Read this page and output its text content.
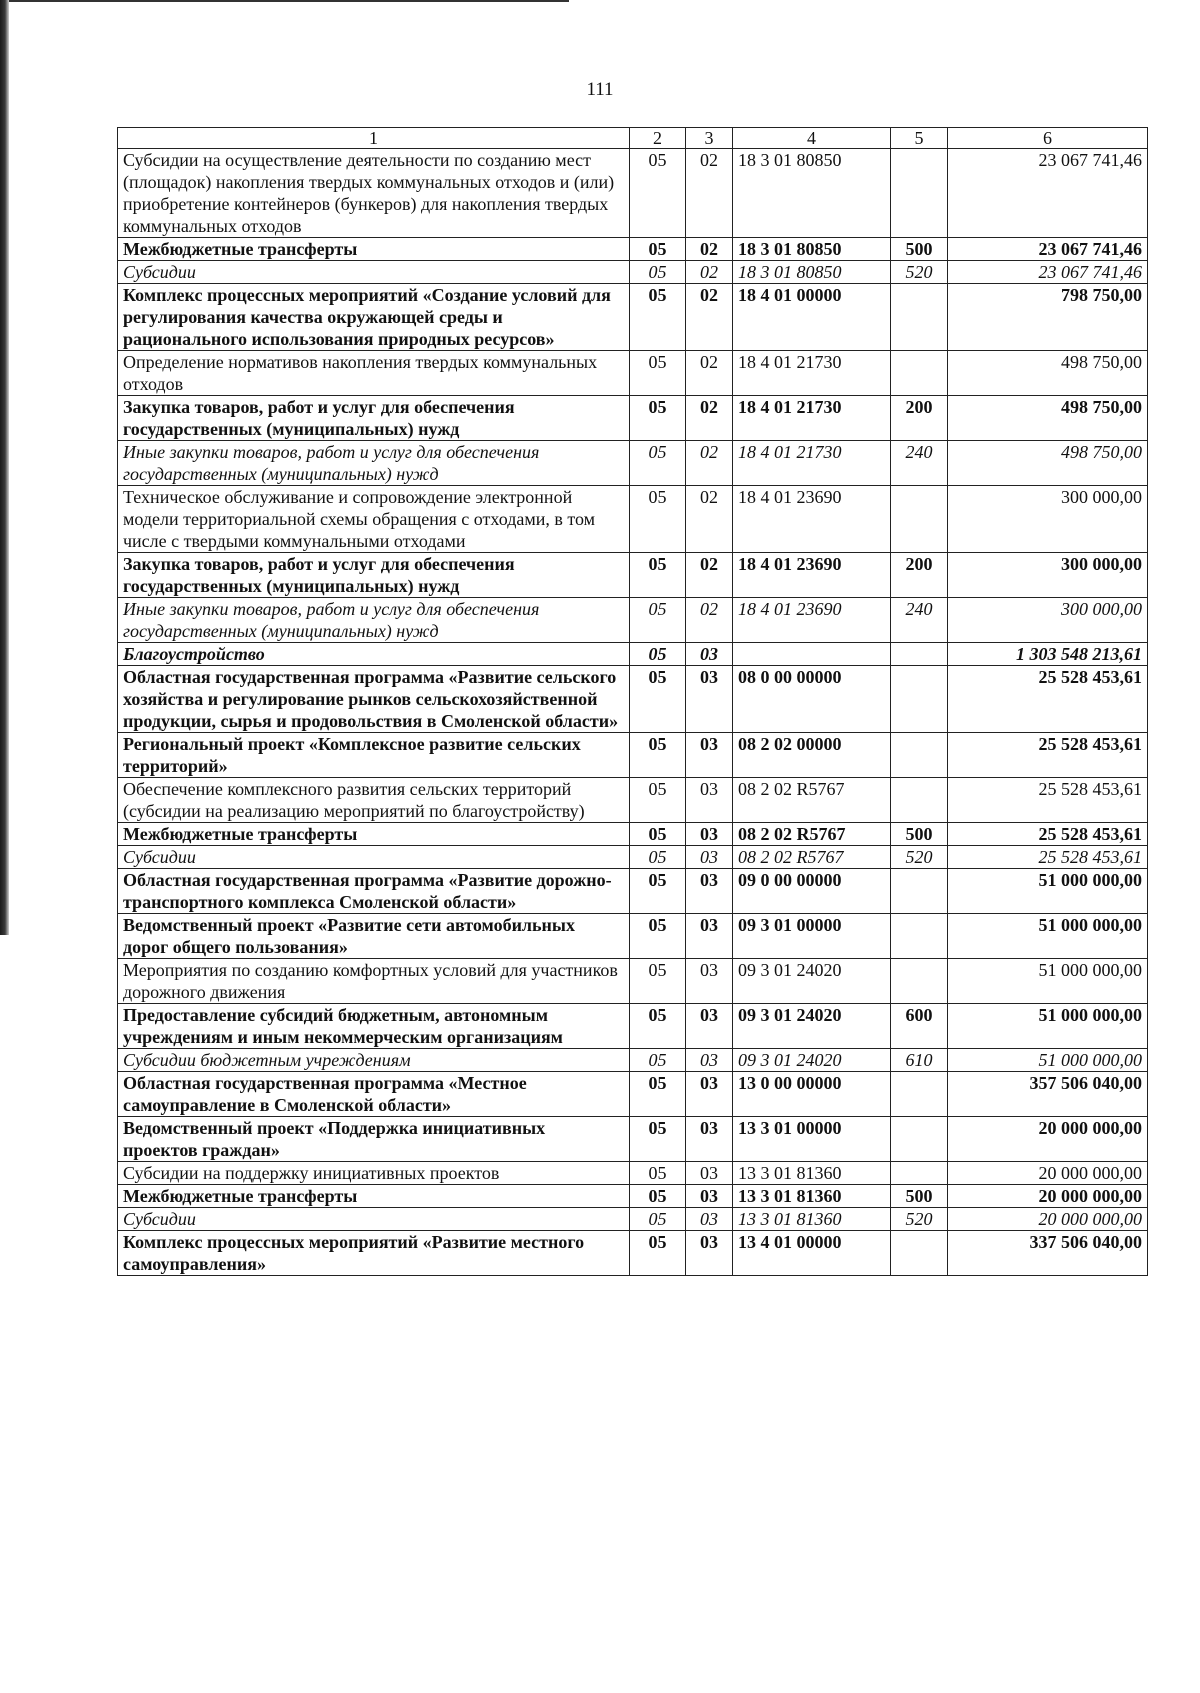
111
1	2	3	4	5	6
Субсидии на осуществление деятельности по созданию мест (площадок) накопления твердых коммунальных отходов и (или) приобретение контейнеров (бункеров) для накопления твердых коммунальных отходов	05	02	18 3 01 80850		23 067 741,46
Межбюджетные трансферты	05	02	18 3 01 80850	500	23 067 741,46
Субсидии	05	02	18 3 01 80850	520	23 067 741,46
Комплекс процессных мероприятий «Создание условий для регулирования качества окружающей среды и рационального использования природных ресурсов»	05	02	18 4 01 00000		798 750,00
Определение нормативов накопления твердых коммунальных отходов	05	02	18 4 01 21730		498 750,00
Закупка товаров, работ и услуг для обеспечения государственных (муниципальных) нужд	05	02	18 4 01 21730	200	498 750,00
Иные закупки товаров, работ и услуг для обеспечения государственных (муниципальных) нужд	05	02	18 4 01 21730	240	498 750,00
Техническое обслуживание и сопровождение электронной модели территориальной схемы обращения с отходами, в том числе с твердыми коммунальными отходами	05	02	18 4 01 23690		300 000,00
Закупка товаров, работ и услуг для обеспечения государственных (муниципальных) нужд	05	02	18 4 01 23690	200	300 000,00
Иные закупки товаров, работ и услуг для обеспечения государственных (муниципальных) нужд	05	02	18 4 01 23690	240	300 000,00
Благоустройство	05	03			1 303 548 213,61
Областная государственная программа «Развитие сельского хозяйства и регулирование рынков сельскохозяйственной продукции, сырья и продовольствия в Смоленской области»	05	03	08 0 00 00000		25 528 453,61
Региональный проект «Комплексное развитие сельских территорий»	05	03	08 2 02 00000		25 528 453,61
Обеспечение комплексного развития сельских территорий (субсидии на реализацию мероприятий по благоустройству)	05	03	08 2 02 R5767		25 528 453,61
Межбюджетные трансферты	05	03	08 2 02 R5767	500	25 528 453,61
Субсидии	05	03	08 2 02 R5767	520	25 528 453,61
Областная государственная программа «Развитие дорожно-транспортного комплекса Смоленской области»	05	03	09 0 00 00000		51 000 000,00
Ведомственный проект «Развитие сети автомобильных дорог общего пользования»	05	03	09 3 01 00000		51 000 000,00
Мероприятия по созданию комфортных условий для участников дорожного движения	05	03	09 3 01 24020		51 000 000,00
Предоставление субсидий бюджетным, автономным учреждениям и иным некоммерческим организациям	05	03	09 3 01 24020	600	51 000 000,00
Субсидии бюджетным учреждениям	05	03	09 3 01 24020	610	51 000 000,00
Областная государственная программа «Местное самоуправление в Смоленской области»	05	03	13 0 00 00000		357 506 040,00
Ведомственный проект «Поддержка инициативных проектов граждан»	05	03	13 3 01 00000		20 000 000,00
Субсидии на поддержку инициативных проектов	05	03	13 3 01 81360		20 000 000,00
Межбюджетные трансферты	05	03	13 3 01 81360	500	20 000 000,00
Субсидии	05	03	13 3 01 81360	520	20 000 000,00
Комплекс процессных мероприятий «Развитие местного самоуправления»	05	03	13 4 01 00000		337 506 040,00
